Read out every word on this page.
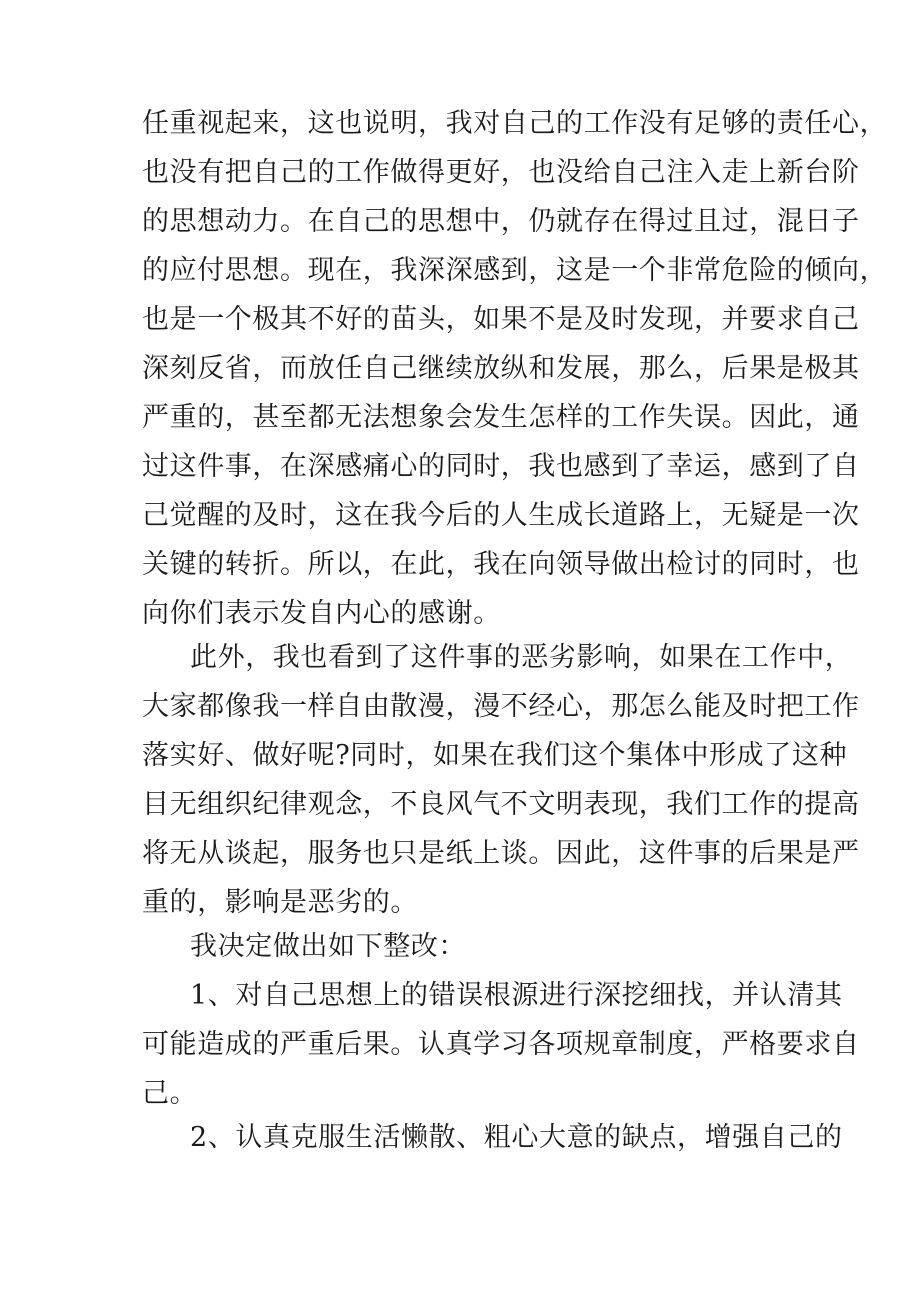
任重视起来，这也说明，我对自己的工作没有足够的责任心，
也没有把自己的工作做得更好，也没给自己注入走上新台阶
的思想动力。在自己的思想中，仍就存在得过且过，混日子
的应付思想。现在，我深深感到，这是一个非常危险的倾向，
也是一个极其不好的苗头，如果不是及时发现，并要求自己
深刻反省，而放任自己继续放纵和发展，那么，后果是极其
严重的，甚至都无法想象会发生怎样的工作失误。因此，通
过这件事，在深感痛心的同时，我也感到了幸运，感到了自
己觉醒的及时，这在我今后的人生成长道路上，无疑是一次
关键的转折。所以，在此，我在向领导做出检讨的同时，也
向你们表示发自内心的感谢。
此外，我也看到了这件事的恶劣影响，如果在工作中，
大家都像我一样自由散漫，漫不经心，那怎么能及时把工作
落实好、做好呢?同时，如果在我们这个集体中形成了这种
目无组织纪律观念，不良风气不文明表现，我们工作的提高
将无从谈起，服务也只是纸上谈。因此，这件事的后果是严
重的，影响是恶劣的。
我决定做出如下整改：
1、对自己思想上的错误根源进行深挖细找，并认清其
可能造成的严重后果。认真学习各项规章制度，严格要求自
己。
2、认真克服生活懒散、粗心大意的缺点，增强自己的
